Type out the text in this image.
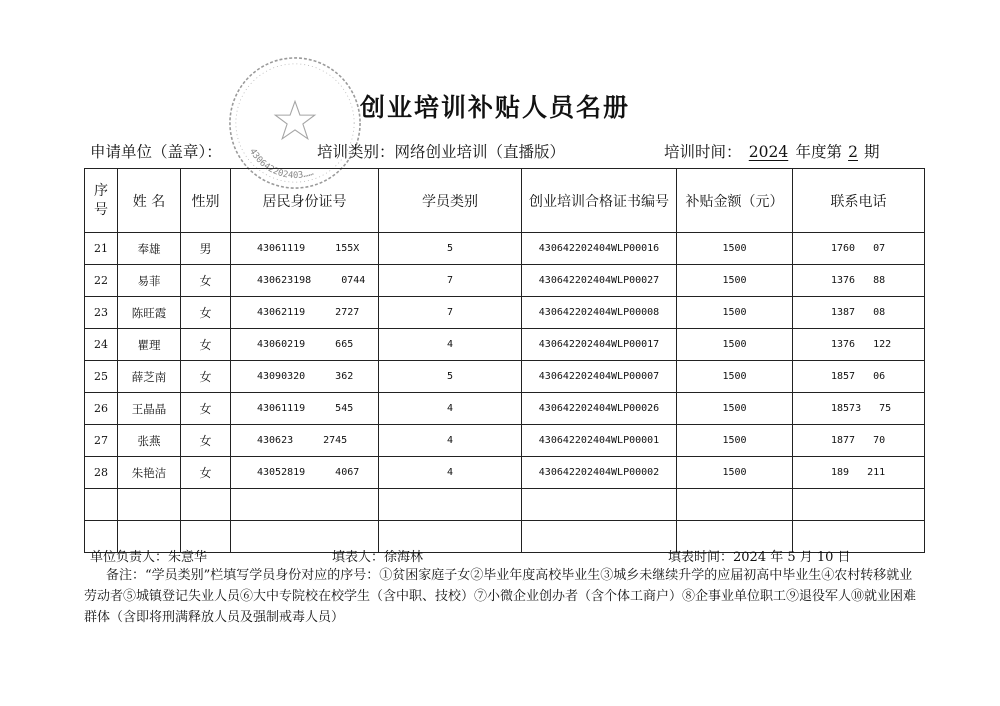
430642202403……
创业培训补贴人员名册
申请单位（盖章）：	培训类别：网络创业培训（直播版）	培训时间： 2024 年度第 2 期
序
号	姓 名	性别	居民身份证号	学员类别	创业培训合格证书编号	补贴金额（元）	联系电话
21	奉雄	男	43061119 155X	5	430642202404WLP00016	1500	1760 07
22	易菲	女	430623198 0744	7	430642202404WLP00027	1500	1376 88
23	陈旺霞	女	43062119 2727	7	430642202404WLP00008	1500	1387 08
24	瞿理	女	43060219 665	4	430642202404WLP00017	1500	1376 122
25	薛芝南	女	43090320 362	5	430642202404WLP00007	1500	1857 06
26	王晶晶	女	43061119 545	4	430642202404WLP00026	1500	18573 75
27	张燕	女	430623 2745	4	430642202404WLP00001	1500	1877 70
28	朱艳洁	女	43052819 4067	4	430642202404WLP00002	1500	189 211

单位负责人：朱意华	填表人：徐海林	填表时间：2024 年 5 月 10 日
备注：“学员类别”栏填写学员身份对应的序号：①贫困家庭子女②毕业年度高校毕业生③城乡未继续升学的应届初高中毕业生④农村转移就业劳动者⑤城镇登记失业人员⑥大中专院校在校学生（含中职、技校）⑦小微企业创办者（含个体工商户）⑧企事业单位职工⑨退役军人⑩就业困难群体（含即将刑满释放人员及强制戒毒人员）
